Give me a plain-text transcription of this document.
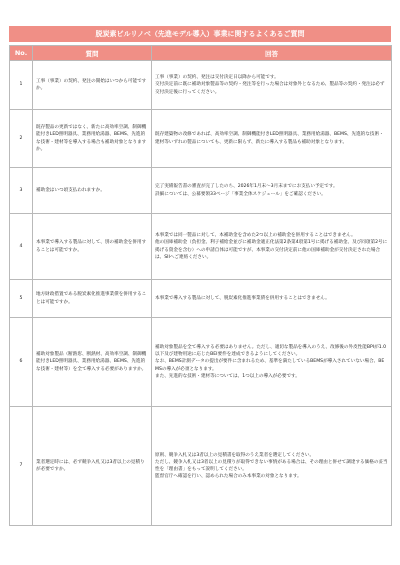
脱炭素ビルリノベ（先進モデル導入）事業に関するよくあるご質問
No.	質問	回答
1	工事（事業）の契約、発注の開始はいつから可能ですか。	工事（事業）の契約、発注は交付決定日以降から可能です。
交付決定前に既に補助対象製品等の契約・発注等を行った場合は対象外となるため、製品等の契約・発注は必ず交付決定後に行ってください。

2	既存製品の更新ではなく、新たに高効率空調、制御機能付きLED照明器具、業務用給湯器、BEMS、先進的な技術・建材等を導入する場合も補助対象となりますか。	既存建築物の改修であれば、高効率空調、制御機能付きLED照明器具、業務用給湯器、BEMS、先進的な技術・建材等いずれの製品についても、更新に限らず、新たに導入する製品も補助対象となります。

3	補助金はいつ頃支払われますか。	完了実績報告書の審査が完了したのち、2026年1月末〜3月末までにお支払い予定です。
詳細については、公募要領33ページ「事業全体スケジュール」をご確認ください。

4	本事業で導入する製品に対して、別の補助金を併用することは可能ですか。	本事業では同一製品に対して、本補助金を含めた2つ以上の補助金を併用することはできません。
他の国庫補助金（負担金、利子補給金並びに補助金適正化法第2条第4項第1号に掲げる補助金、及び同項第2号に掲げる資金を含む）への申請自体は可能ですが、本事業の交付決定前に他の国庫補助金が交付決定された場合は、SIIへご連絡ください。

5	地方財政措置である脱炭素化推進事業債を併用することは可能ですか。	本事業で導入する製品に対して、脱炭素化推進事業債を併用することはできません。

6	補助対象製品（断熱窓、断熱材、高効率空調、制御機能付きLED照明器具、業務用給湯器、BEMS、先進的な技術・建材等）を全て導入する必要がありますか。	補助対象製品を全て導入する必要はありません。ただし、適切な製品を導入のうえ、改修後の外皮性能BPIが1.0以下及び建物用途に応じたBEI要件を達成できるようにしてください。
なお、BEMS計測データの提出が要件に含まれるため、基準を満たしているBEMSが導入されていない場合、BEMSの導入が必須となります。
また、先進的な技術・建材等については、1つ以上の導入が必要です。

7	業者選定時には、必ず競争入札又は3者以上の見積りが必要ですか。	原則、競争入札又は3者以上の見積書を取得のうえ業者を選定してください。
ただし、競争入札又は3者以上の見積りが取得できない事情がある場合は、その理由と併せて調達する価格の妥当性を「理由書」をもって説明してください。
監督官庁へ確認を行い、認められた場合のみ本事業の対象となります。
